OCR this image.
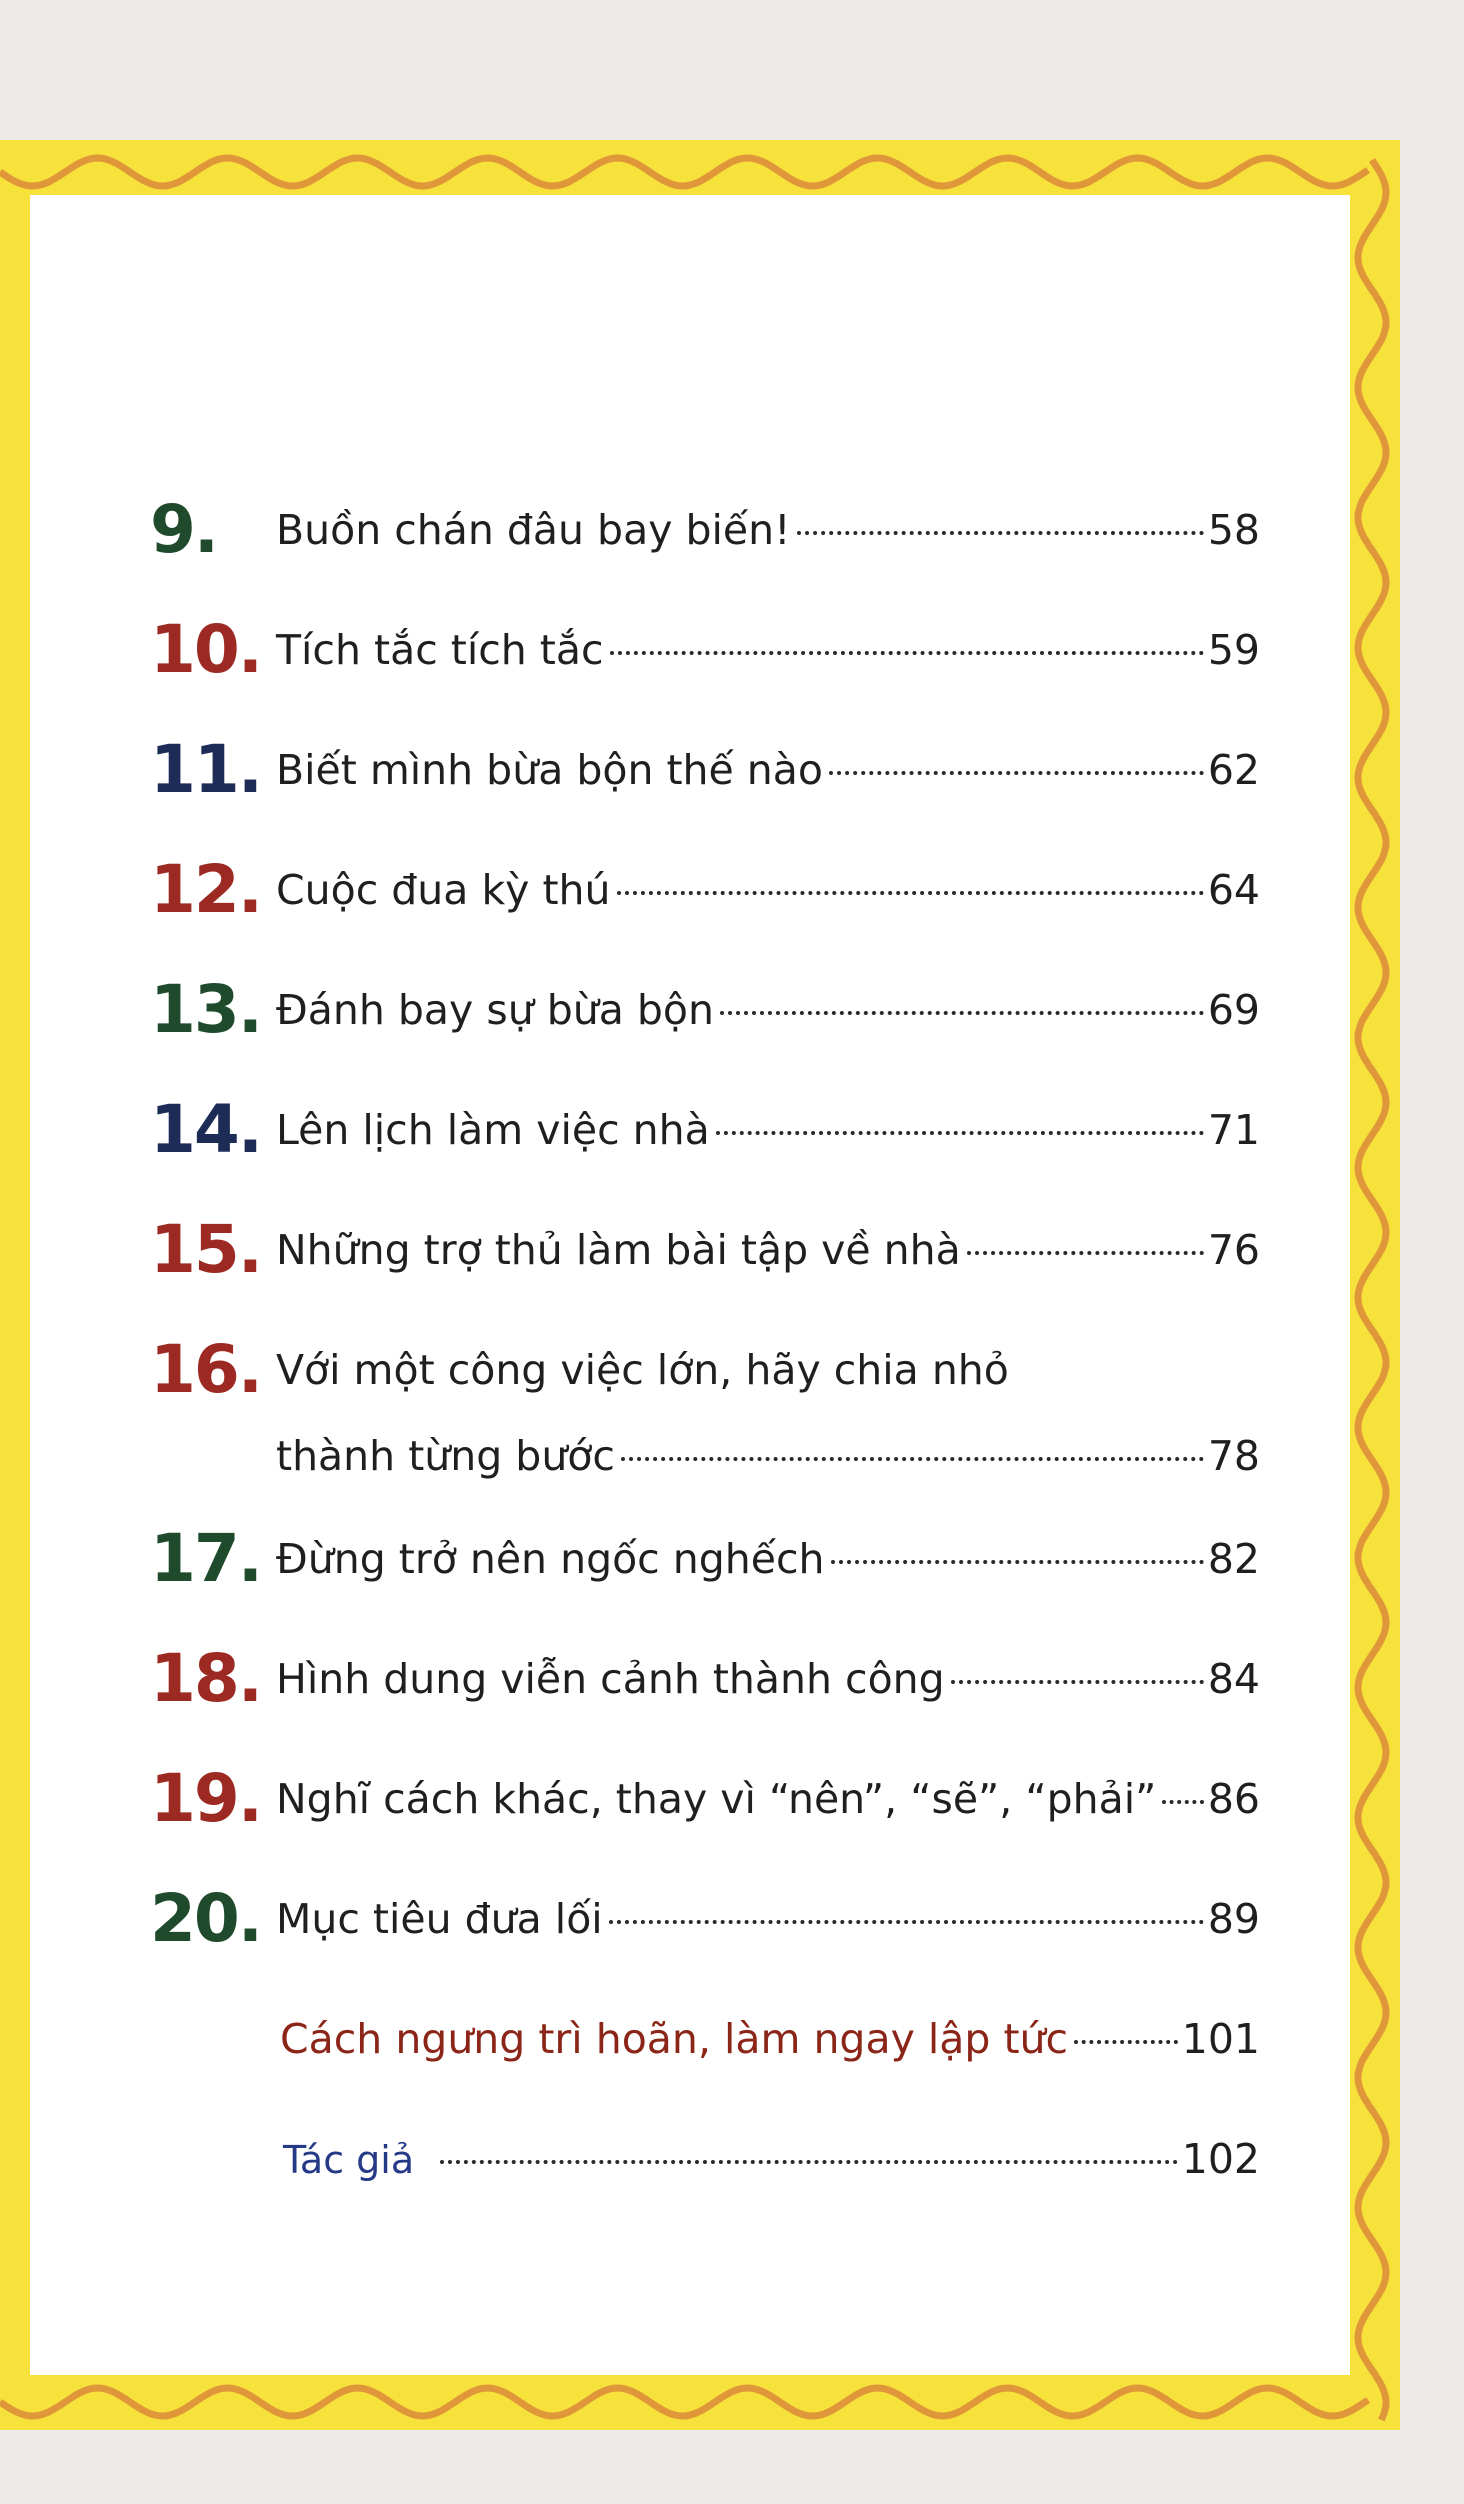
9. Buồn chán đâu bay biến!	58
10. Tích tắc tích tắc	59
11. Biết mình bừa bộn thế nào	62
12. Cuộc đua kỳ thú	64
13. Đánh bay sự bừa bộn	69
14. Lên lịch làm việc nhà	71
15. Những trợ thủ làm bài tập về nhà	76
16. Với một công việc lớn, hãy chia nhỏ
thành từng bước	78
17. Đừng trở nên ngốc nghếch	82
18. Hình dung viễn cảnh thành công	84
19. Nghĩ cách khác, thay vì “nên”, “sẽ”, “phải” 86
20. Mục tiêu đưa lối	89
Cách ngưng trì hoãn, làm ngay lập tức	101
Tác giả	102
